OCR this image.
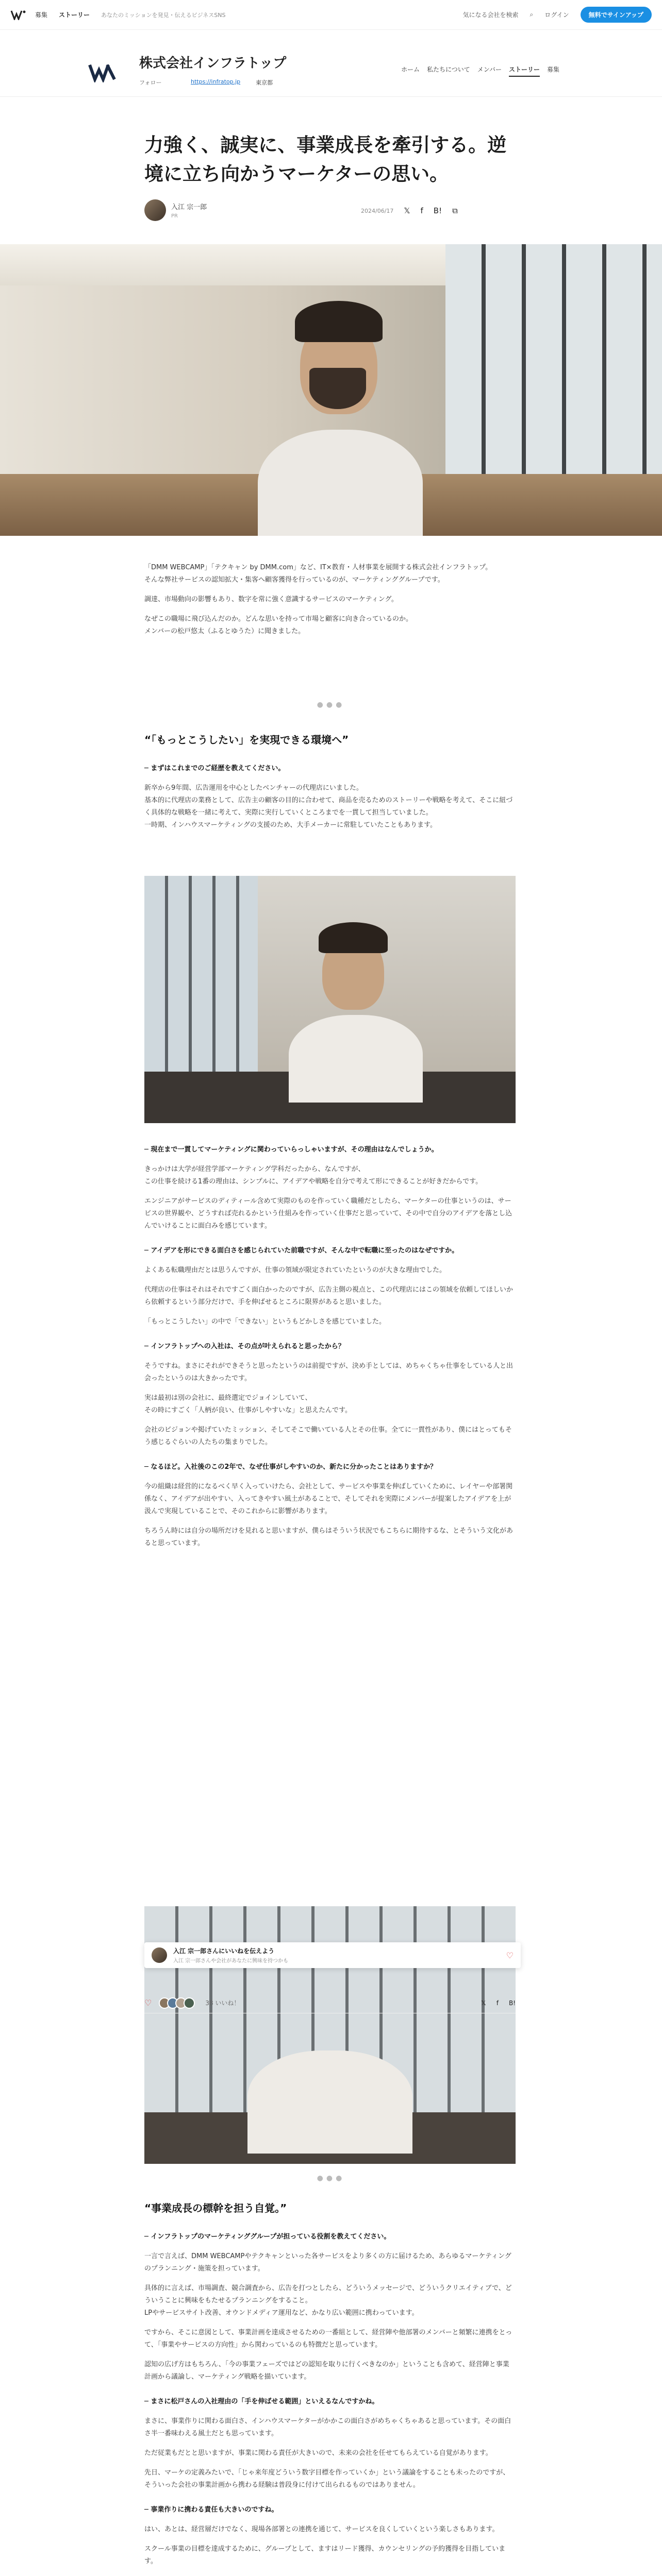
募集 ストーリー あなたのミッションを発見・伝えるビジネスSNS	気になる会社を検索 ⌕ ログイン	無料でサインアップ
株式会社インフラトップ
フォロー	https://infratop.jp	東京都
ホーム 私たちについて メンバー ストーリー 募集
力強く、誠実に、事業成長を牽引する。逆境に立ち向かうマーケターの思い。
入江 宗一郎
PR
2024/06/17 𝕏 f B! ⧉

「DMM WEBCAMP」「テクキャン by DMM.com」など、IT×教育・人材事業を展開する株式会社インフラトップ。
そんな弊社サービスの認知拡大・集客へ顧客獲得を行っているのが、マーケティンググループです。

調達、市場動向の影響もあり、数字を常に強く意識するサービスのマーケティング。

なぜこの職場に飛び込んだのか。どんな思いを持って市場と顧客に向き合っているのか。
メンバーの松戸悠太（ふるとゆうた）に聞きました。

●●●
“「もっとこうしたい」を実現できる環境へ”

─ まずはこれまでのご経歴を教えてください。

新卒から9年間、広告運用を中心としたベンチャーの代理店にいました。
基本的に代理店の業務として、広告主の顧客の目的に合わせて、商品を売るためのストーリーや戦略を考えて、そこに紐づく具体的な戦略を一緒に考えて、実際に実行していくところまでを一貫して担当していました。
一時期、インハウスマーケティングの支援のため、大手メーカーに常駐していたこともあります。

─ 現在まで一貫してマーケティングに関わっていらっしゃいますが、その理由はなんでしょうか。

きっかけは大学が経営学部マーケティング学科だったから、なんですが、
この仕事を続ける1番の理由は、シンプルに、アイデアや戦略を自分で考えて形にできることが好きだからです。

エンジニアがサービスのディティール含めて実際のものを作っていく職種だとしたら、マーケターの仕事というのは、サービスの世界観や、どうすれば売れるかという仕組みを作っていく仕事だと思っていて、その中で自分のアイデアを落とし込んでいけることに面白みを感じています。

─ アイデアを形にできる面白さを感じられていた前職ですが、そんな中で転職に至ったのはなぜですか。

よくある転職理由だとは思うんですが、仕事の領域が限定されていたというのが大きな理由でした。

代理店の仕事はそれはそれですごく面白かったのですが、広告主側の視点と、この代理店にはこの領域を依頼してほしいから依頼するという部分だけで、手を伸ばせるところに限界があると思いました。

「もっとこうしたい」の中で「できない」というもどかしさを感じていました。

─ インフラトップへの入社は、その点が叶えられると思ったから？

そうですね。まさにそれができそうと思ったというのは前提ですが、決め手としては、めちゃくちゃ仕事をしている人と出会ったというのは大きかったです。

実は最初は別の会社に、最終選定でジョインしていて、
その時にすごく「人柄が良い、仕事がしやすいな」と思えたんです。

会社のビジョンや掲げていたミッション、そしてそこで働いている人とその仕事。全てに一貫性があり、僕にはとってもそう感じるぐらいの人たちの集まりでした。

─ なるほど。入社後のこの2年で、なぜ仕事がしやすいのか、新たに分かったことはありますか？

今の組織は経営的になるべく早く入っていけたら、会社として、サービスや事業を伸ばしていくために、レイヤーや部署関係なく、アイデアが出やすい、入ってきやすい風土があることで、そしてそれを実際にメンバーが提案したアイデアを上が汲んで実現していることで、そのこれからに影響があります。

ちろうん時には自分の場所だけを見れると思いますが、僕らはそういう状況でもこちらに期待するな、とそういう文化があると思っています。

入江 宗一郎さんにいいねを伝えよう
入江 宗一郎さんや会社があなたに興味を持つかも
♡
♡	38 いいね！	𝕏 f B!
●●●
“事業成長の標幹を担う自覚。”

─ インフラトップのマーケティンググループが担っている役割を教えてください。

一言で言えば、DMM WEBCAMPやテクキャンといった各サービスをより多くの方に届けるため、あらゆるマーケティングのプランニング・施策を担っています。

具体的に言えば、市場調査、競合調査から、広告を打つとしたら、どういうメッセージで、どういうクリエイティブで、どういうことに興味をもたせるプランニングをすること。
LPやサービスサイト改善、オウンドメディア運用など、かなり広い範囲に携わっています。

ですから、そこに意図として、事業計画を達成させるための一番組として、経営陣や他部署のメンバーと頻繁に連携をとって、「事業やサービスの方向性」から関わっているのも特徴だと思っています。

認知の広げ方はもちろん、「今の事業フェーズではどの認知を取りに行くべきなのか」ということも含めて、経営陣と事業計画から議論し、マーケティング戦略を描いています。

─ まさに松戸さんの入社理由の「手を伸ばせる範囲」といえるなんですかね。

まさに、事業作りに関わる面白さ、インハウスマーケターがかかこの面白さがめちゃくちゃあると思っています。その面白さ半一番味わえる風土だとも思っています。

ただ従業もだとと思いますが、事業に関わる責任が大きいので、未来の会社を任せてもらえている自覚があります。

先日、マーケの定義みたいで、「じゃ来年度どういう数字目標を作っていくか」という議論をすることも未ったのですが、そういった会社の事業計画から携わる経験は普段身に付けて出られるものではありません。

─ 事業作りに携わる責任も大きいのですね。

はい、あとは、経営層だけでなく、現場各部署との連携を通じて、サービスを良くしていくという楽しさもあります。

スクール事業の目標を達成するために、グループとして、ますはリード獲得、カウンセリングの予約獲得を目指しています。
